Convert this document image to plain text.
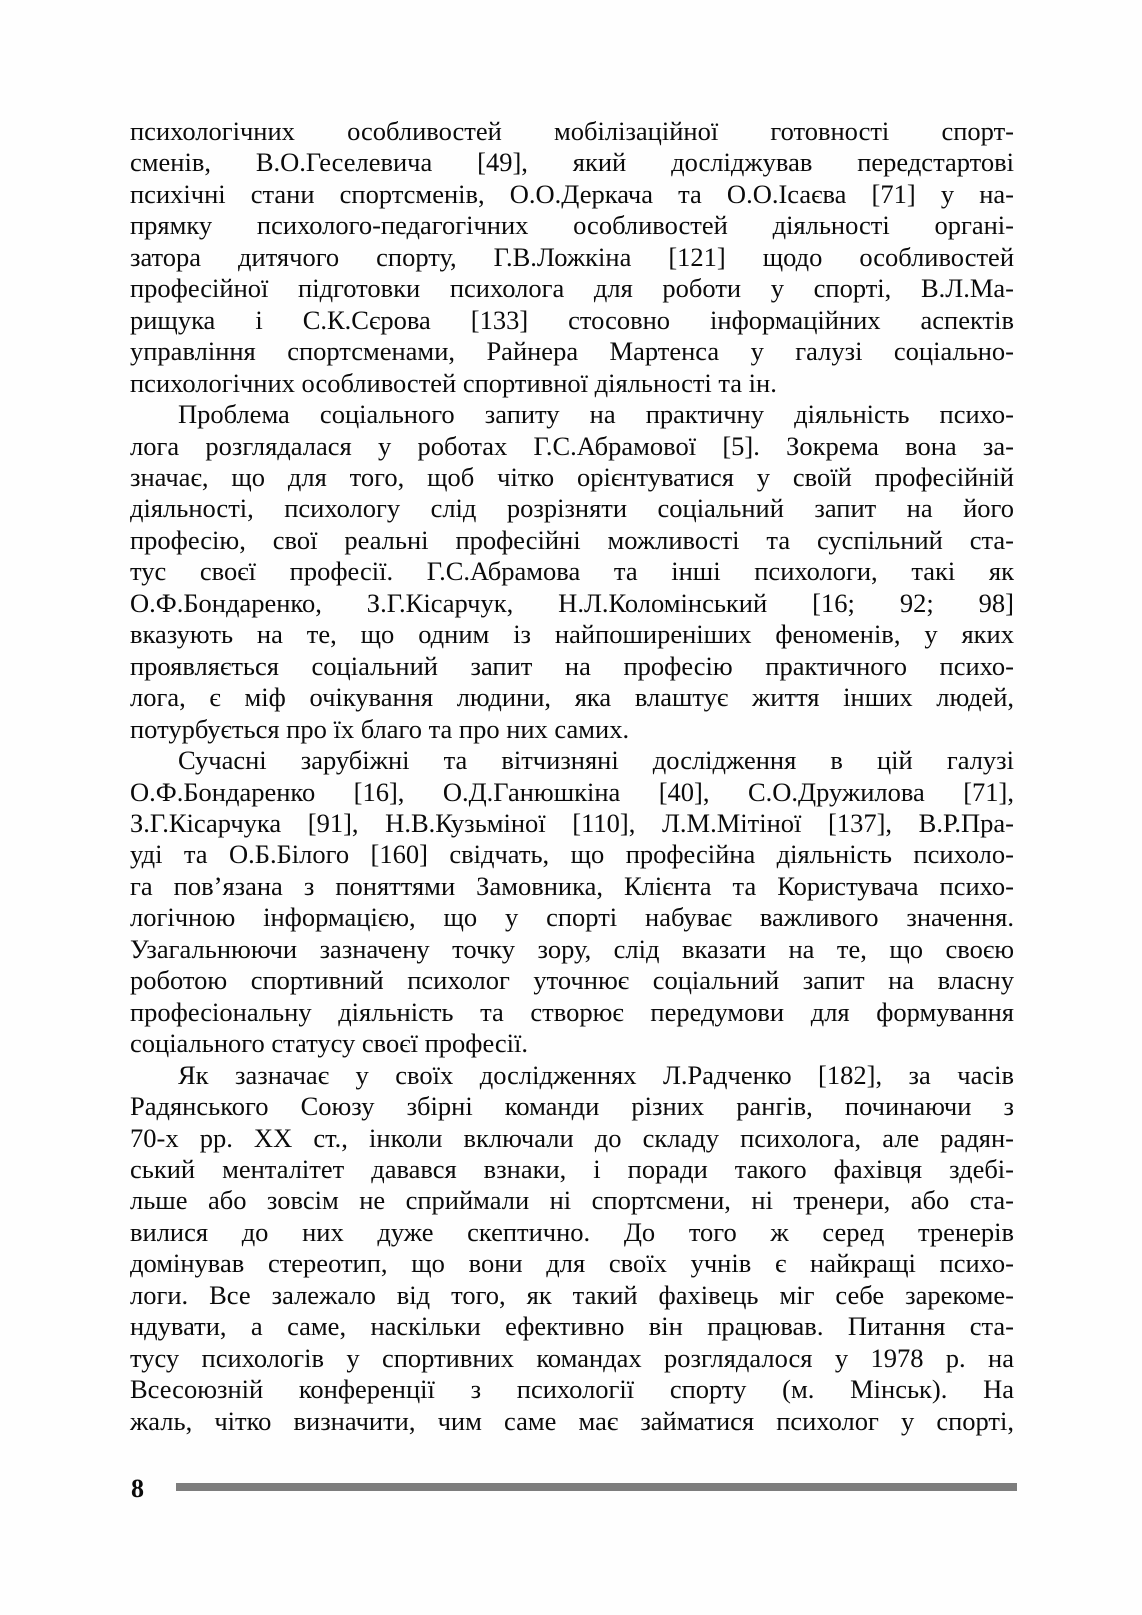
психологічних особливостей мобілізаційної готовності спорт-
сменів, В.О.Геселевича [49], який досліджував передстартові
психічні стани спортсменів, О.О.Деркача та О.О.Ісаєва [71] у на-
прямку психолого-педагогічних особливостей діяльності органі-
затора дитячого спорту, Г.В.Ложкіна [121] щодо особливостей
професійної підготовки психолога для роботи у спорті, В.Л.Ма-
рищука і С.К.Сєрова [133] стосовно інформаційних аспектів
управління спортсменами, Райнера Мартенса у галузі соціально-
психологічних особливостей спортивної діяльності та ін.
Проблема соціального запиту на практичну діяльність психо-
лога розглядалася у роботах Г.С.Абрамової [5]. Зокрема вона за-
значає, що для того, щоб чітко орієнтуватися у своїй професійній
діяльності, психологу слід розрізняти соціальний запит на його
професію, свої реальні професійні можливості та суспільний ста-
тус своєї професії. Г.С.Абрамова та інші психологи, такі як
О.Ф.Бондаренко, З.Г.Кісарчук, Н.Л.Коломінський [16; 92; 98]
вказують на те, що одним із найпоширеніших феноменів, у яких
проявляється соціальний запит на професію практичного психо-
лога, є міф очікування людини, яка влаштує життя інших людей,
потурбується про їх благо та про них самих.
Сучасні зарубіжні та вітчизняні дослідження в цій галузі
О.Ф.Бондаренко [16], О.Д.Ганюшкіна [40], С.О.Дружилова [71],
З.Г.Кісарчука [91], Н.В.Кузьміної [110], Л.М.Мітіної [137], В.Р.Пра-
уді та О.Б.Білого [160] свідчать, що професійна діяльність психоло-
га пов’язана з поняттями Замовника, Клієнта та Користувача психо-
логічною інформацією, що у спорті набуває важливого значення.
Узагальнюючи зазначену точку зору, слід вказати на те, що своєю
роботою спортивний психолог уточнює соціальний запит на власну
професіональну діяльність та створює передумови для формування
соціального статусу своєї професії.
Як зазначає у своїх дослідженнях Л.Радченко [182], за часів
Радянського Союзу збірні команди різних рангів, починаючи з
70-х рр. ХХ ст., інколи включали до складу психолога, але радян-
ський менталітет давався взнаки, і поради такого фахівця здебі-
льше або зовсім не сприймали ні спортсмени, ні тренери, або ста-
вилися до них дуже скептично. До того ж серед тренерів
домінував стереотип, що вони для своїх учнів є найкращі психо-
логи. Все залежало від того, як такий фахівець міг себе зарекоме-
ндувати, а саме, наскільки ефективно він працював. Питання ста-
тусу психологів у спортивних командах розглядалося у 1978 р. на
Всесоюзній конференції з психології спорту (м. Мінськ). На
жаль, чітко визначити, чим саме має займатися психолог у спорті,
8
